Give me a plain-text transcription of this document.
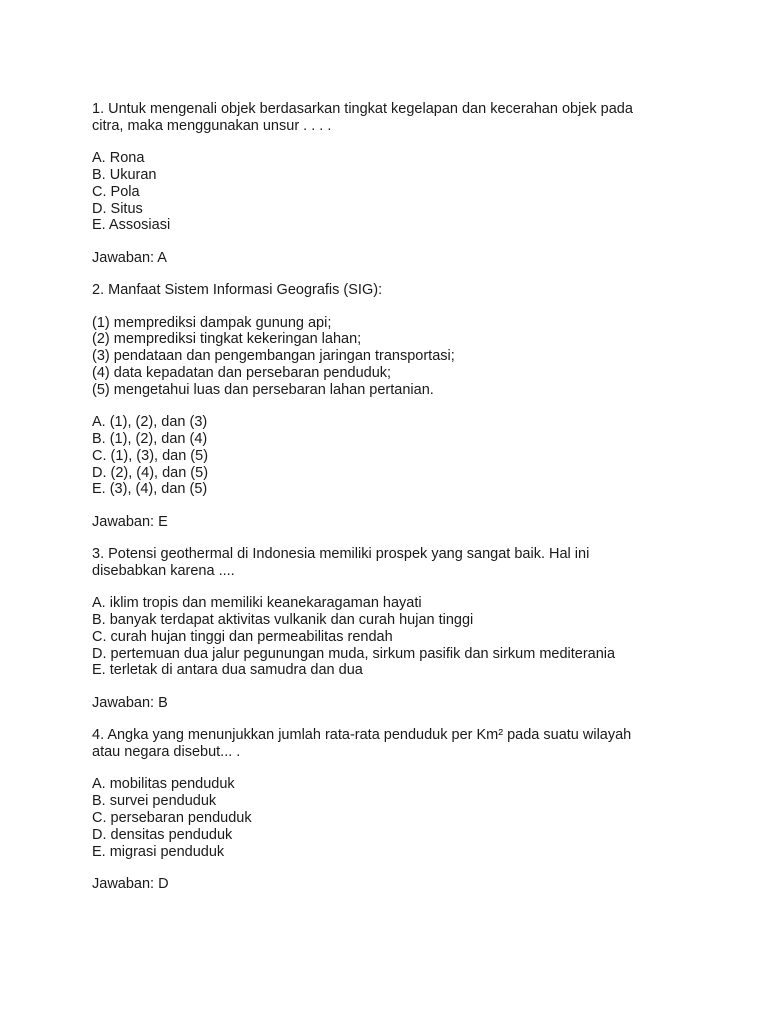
1. Untuk mengenali objek berdasarkan tingkat kegelapan dan kecerahan objek pada
citra, maka menggunakan unsur . . . .
A. Rona
B. Ukuran
C. Pola
D. Situs
E. Assosiasi
Jawaban: A
2. Manfaat Sistem Informasi Geografis (SIG):
(1) memprediksi dampak gunung api;
(2) memprediksi tingkat kekeringan lahan;
(3) pendataan dan pengembangan jaringan transportasi;
(4) data kepadatan dan persebaran penduduk;
(5) mengetahui luas dan persebaran lahan pertanian.
A. (1), (2), dan (3)
B. (1), (2), dan (4)
C. (1), (3), dan (5)
D. (2), (4), dan (5)
E. (3), (4), dan (5)
Jawaban: E
3. Potensi geothermal di Indonesia memiliki prospek yang sangat baik. Hal ini
disebabkan karena ....
A. iklim tropis dan memiliki keanekaragaman hayati
B. banyak terdapat aktivitas vulkanik dan curah hujan tinggi
C. curah hujan tinggi dan permeabilitas rendah
D. pertemuan dua jalur pegunungan muda, sirkum pasifik dan sirkum mediterania
E. terletak di antara dua samudra dan dua
Jawaban: B
4. Angka yang menunjukkan jumlah rata-rata penduduk per Km² pada suatu wilayah
atau negara disebut... .
A. mobilitas penduduk
B. survei penduduk
C. persebaran penduduk
D. densitas penduduk
E. migrasi penduduk
Jawaban: D
